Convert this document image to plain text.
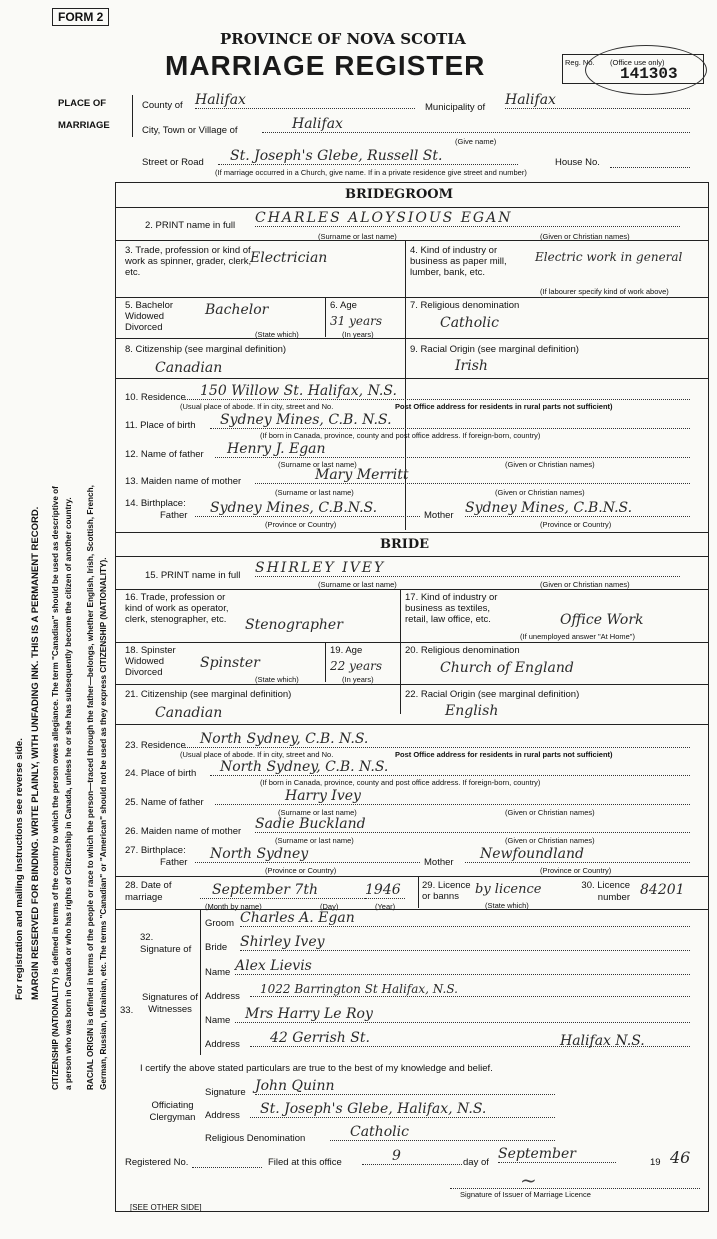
For registration and mailing instructions see reverse side. MARGIN RESERVED FOR BINDING. WRITE PLAINLY, WITH UNFADING INK. THIS IS A PERMANENT RECORD. CITIZENSHIP (NATIONALITY) is defined in terms of the country to which the person owes allegiance. The term "Canadian" should be used as descriptive of a person who was born in Canada or who has rights of Citizenship in Canada, unless he or she has subsequently become the citizen of another country. RACIAL ORIGIN is defined in terms of the people or race to which the person—traced through the father—belongs, whether English, Irish, Scottish, French, German, Russian, Ukrainian, etc. The terms "Canadian" or "American" should not be used as they express CITIZENSHIP (NATIONALITY).
FORM 2
PROVINCE OF NOVA SCOTIA
MARRIAGE REGISTER	Reg. No. (Office use only)
141303
PLACE OF
MARRIAGE
County of Halifax	Municipality of Halifax
City, Town or Village of	Halifax
(Give name)
Street or Road	St. Joseph's Glebe, Russell St.	House No.
(If marriage occurred in a Church, give name. If in a private residence give street and number)
BRIDEGROOM
2. PRINT name in full CHARLES ALOYSIOUS EGAN
(Surname or last name)	(Given or Christian names)
3. Trade, profession or kind of work as spinner, grader, clerk, etc.
Electrician	4. Kind of industry or business as paper mill, lumber, bank, etc.
Electric work in general
(If labourer specify kind of work above)
5. Bachelor Widowed Divorced
Bachelor
(State which)
6. Age
31 years
(In years)
7. Religious denomination
Catholic
8. Citizenship (see marginal definition)
Canadian
9. Racial Origin (see marginal definition)
Irish
10. Residence	150 Willow St. Halifax, N.S.
(Usual place of abode. If in city, street and No.	Post Office address for residents in rural parts not sufficient)
11. Place of birth	Sydney Mines, C.B. N.S.
(If born in Canada, province, county and post office address. If foreign-born, country)
12. Name of father	Henry J. Egan
(Surname or last name)	(Given or Christian names)
13. Maiden name of mother	Mary Merritt
(Surname or last name)	(Given or Christian names)
14. Birthplace:
Father	Sydney Mines, C.B.N.S.	Mother Sydney Mines, C.B.N.S.
(Province or Country)	(Province or Country)
BRIDE
15. PRINT name in full SHIRLEY IVEY
(Surname or last name)	(Given or Christian names)
16. Trade, profession or kind of work as operator, clerk, stenographer, etc.	Stenographer
17. Kind of industry or business as textiles, retail, law office, etc.	Office Work
(If unemployed answer "At Home")
18. Spinster Widowed Divorced
Spinster
(State which)
19. Age
22 years
(In years)
20. Religious denomination
Church of England
21. Citizenship (see marginal definition)
Canadian
22. Racial Origin (see marginal definition)
English
23. Residence	North Sydney, C.B. N.S.
(Usual place of abode. If in city, street and No.	Post Office address for residents in rural parts not sufficient)
24. Place of birth	North Sydney, C.B. N.S.
(If born in Canada, province, county and post office address. If foreign-born, country)
25. Name of father	Harry Ivey
(Surname or last name)	(Given or Christian names)
26. Maiden name of mother Sadie Buckland
(Surname or last name)	(Given or Christian names)
27. Birthplace:
Father
North Sydney
Mother
Newfoundland
(Province or Country)	(Province or Country)
28. Date of marriage	September 7th	1946
(Month by name)	(Day)	(Year)
29. Licence or banns	by licence
(State which)
30. Licence number 84201
32. Signature of
Groom Charles A. Egan
Bride Shirley Ivey
33.
Signatures of Witnesses
Name Alex Lievis
Address
1022 Barrington St Halifax, N.S.
Name	Mrs Harry Le Roy
Address	42 Gerrish St.	Halifax N.S.
I certify the above stated particulars are true to the best of my knowledge and belief.
Signature John Quinn
Officiating Clergyman	Address	St. Joseph's Glebe, Halifax, N.S.
Religious Denomination	Catholic
Registered No.	Filed at this office	9	day of
September
19 46
~
Signature of Issuer of Marriage Licence
[SEE OTHER SIDE]
